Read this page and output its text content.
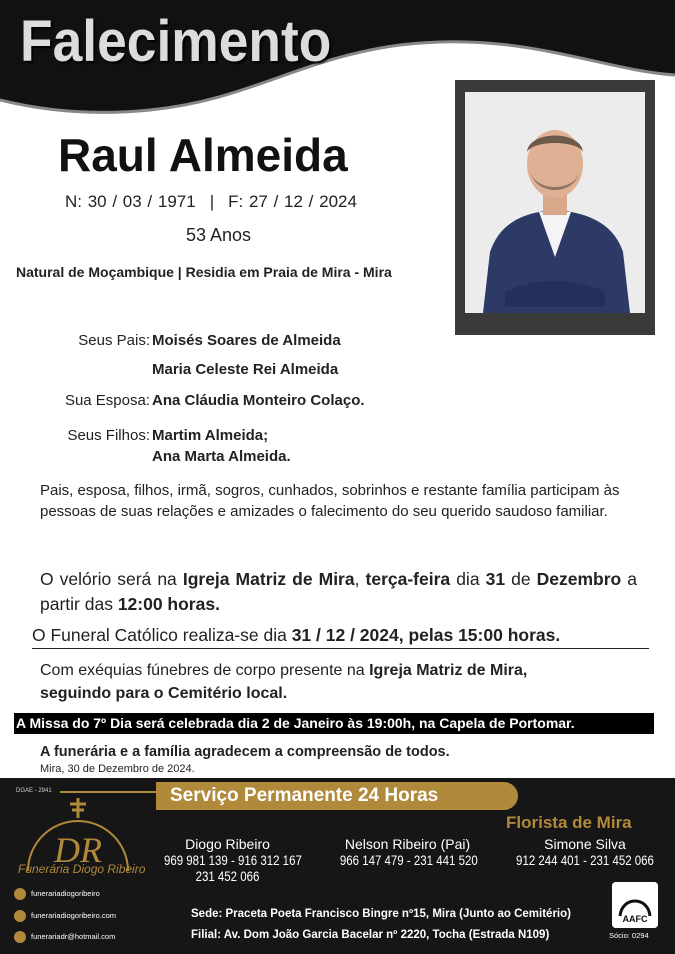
Falecimento
Raul Almeida
N: 30 / 03 / 1971 | F: 27 / 12 / 2024
53 Anos
Natural de Moçambique | Residia em Praia de Mira - Mira
Seus Pais: Moisés Soares de Almeida
Maria Celeste Rei Almeida
Sua Esposa: Ana Cláudia Monteiro Colaço.
Seus Filhos: Martim Almeida;
Ana Marta Almeida.
Pais, esposa, filhos, irmã, sogros, cunhados, sobrinhos e restante família participam às pessoas de suas relações e amizades o falecimento do seu querido saudoso familiar.
O velório será na Igreja Matriz de Mira, terça-feira dia 31 de Dezembro a partir das 12:00 horas.
O Funeral Católico realiza-se dia 31 / 12 / 2024, pelas 15:00 horas.
Com exéquias fúnebres de corpo presente na Igreja Matriz de Mira,
seguindo para o Cemitério local.
A Missa do 7º Dia será celebrada dia 2 de Janeiro às 19:00h, na Capela de Portomar.
A funerária e a família agradecem a compreensão de todos.
Mira, 30 de Dezembro de 2024.
DGAE - 2941	Serviço Permanente 24 Horas
Florista de Mira
DR
Funerária Diogo Ribeiro
Diogo Ribeiro
969 981 139 - 916 312 167
231 452 066
Nelson Ribeiro (Pai)
966 147 479 - 231 441 520
Simone Silva
912 244 401 - 231 452 066
funerariadiogoribeiro
funerariadiogoribeiro.com
funerariadr@hotmail.com
Sede: Praceta Poeta Francisco Bingre nº15, Mira (Junto ao Cemitério)
Filial: Av. Dom João Garcia Bacelar nº 2220, Tocha (Estrada N109)
AAFC
Sócio: 0294
